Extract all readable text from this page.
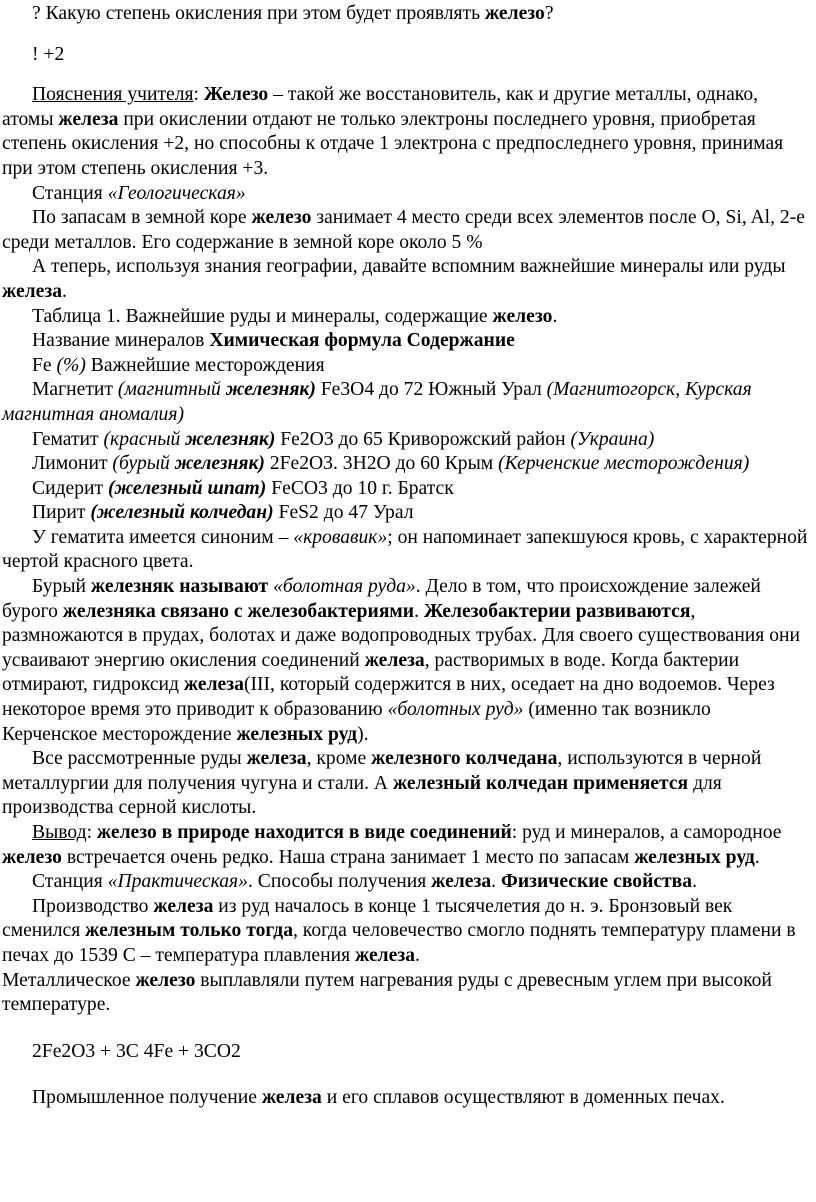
? Какую степень окисления при этом будет проявлять железо?

! +2

Пояснения учителя: Железо – такой же восстановитель, как и другие металлы, однако, атомы железа при окислении отдают не только электроны последнего уровня, приобретая степень окисления +2, но способны к отдаче 1 электрона с предпоследнего уровня, принимая при этом степень окисления +3.

Станция «Геологическая»

По запасам в земной коре железо занимает 4 место среди всех элементов после O, Si, Al, 2-е среди металлов. Его содержание в земной коре около 5 %

А теперь, используя знания географии, давайте вспомним важнейшие минералы или руды железа.

Таблица 1. Важнейшие руды и минералы, содержащие железо.

Название минералов Химическая формула Содержание

Fe (%) Важнейшие месторождения

Магнетит (магнитный железняк) Fe3O4 до 72 Южный Урал (Магнитогорск, Курская магнитная аномалия)

Гематит (красный железняк) Fe2O3 до 65 Криворожский район (Украина)

Лимонит (бурый железняк) 2Fe2O3. 3H2O до 60 Крым (Керченские месторождения)

Сидерит (железный шпат) FeCO3 до 10 г. Братск

Пирит (железный колчедан) FeS2 до 47 Урал

У гематита имеется синоним – «кровавик»; он напоминает запекшуюся кровь, с характерной чертой красного цвета.

Бурый железняк называют «болотная руда». Дело в том, что происхождение залежей бурого железняка связано с железобактериями. Железобактерии развиваются, размножаются в прудах, болотах и даже водопроводных трубах. Для своего существования они усваивают энергию окисления соединений железа, растворимых в воде. Когда бактерии отмирают, гидроксид железа(III, который содержится в них, оседает на дно водоемов. Через некоторое время это приводит к образованию «болотных руд» (именно так возникло Керченское месторождение железных руд).

Все рассмотренные руды железа, кроме железного колчедана, используются в черной металлургии для получения чугуна и стали. А железный колчедан применяется для производства серной кислоты.

Вывод: железо в природе находится в виде соединений: руд и минералов, а самородное железо встречается очень редко. Наша страна занимает 1 место по запасам железных руд.

Станция «Практическая». Способы получения железа. Физические свойства.

Производство железа из руд началось в конце 1 тысячелетия до н. э. Бронзовый век сменился железным только тогда, когда человечество смогло поднять температуру пламени в печах до 1539 С – температура плавления железа.

Металлическое железо выплавляли путем нагревания руды с древесным углем при высокой температуре.

2Fe2O3 + 3C 4Fe + 3CO2

Промышленное получение железа и его сплавов осуществляют в доменных печах.
